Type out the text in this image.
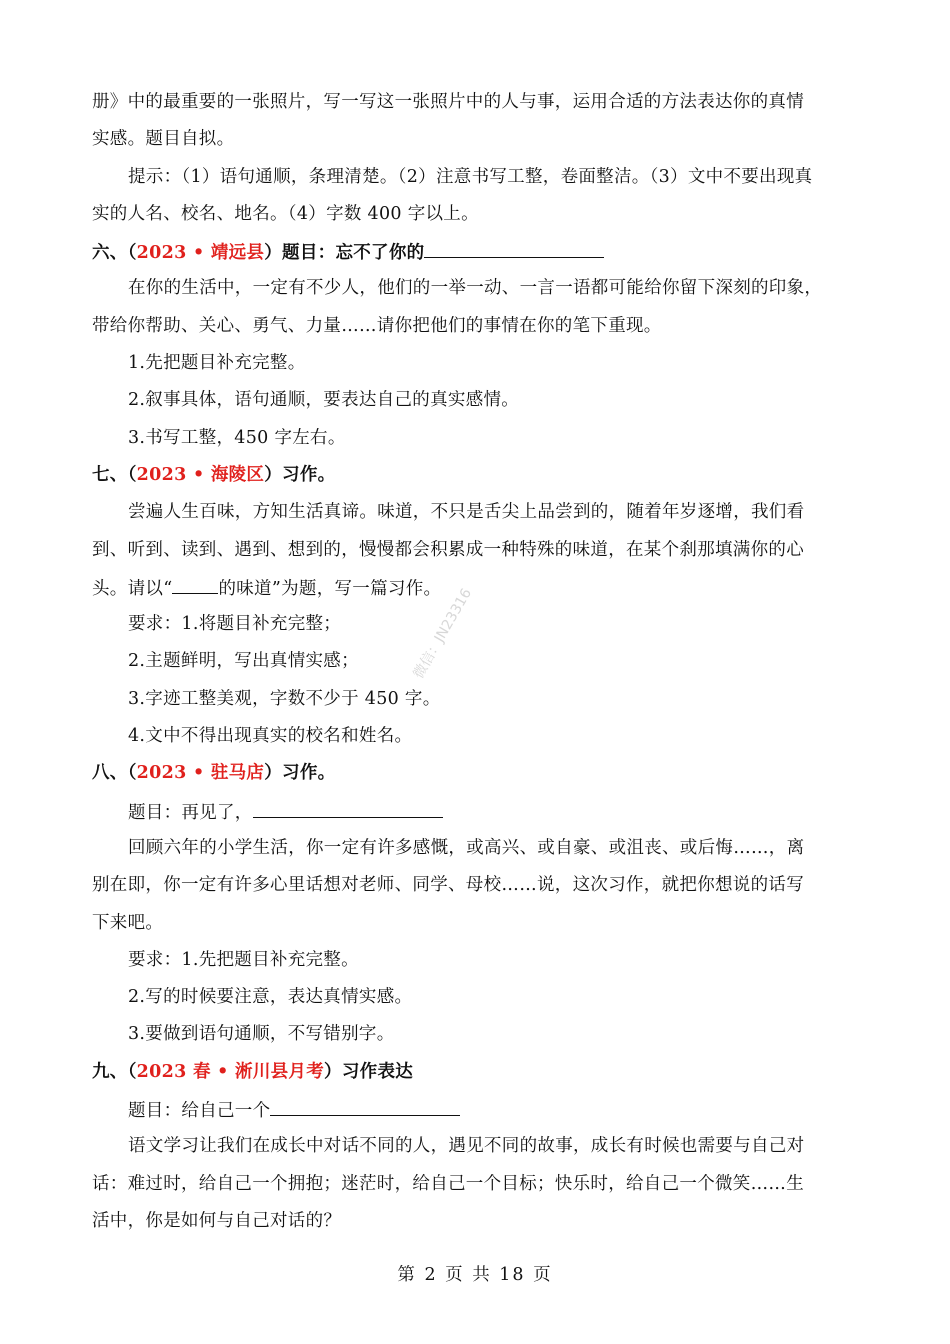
册》中的最重要的一张照片，写一写这一张照片中的人与事，运用合适的方法表达你的真情
实感。题目自拟。
提示：（1）语句通顺，条理清楚。（2）注意书写工整，卷面整洁。（3）文中不要出现真
实的人名、校名、地名。（4）字数 400 字以上。
六、（2023 • 靖远县）题目：忘不了你的
在你的生活中，一定有不少人，他们的一举一动、一言一语都可能给你留下深刻的印象，
带给你帮助、关心、勇气、力量……请你把他们的事情在你的笔下重现。
1.先把题目补充完整。
2.叙事具体，语句通顺，要表达自己的真实感情。
3.书写工整，450 字左右。
七、（2023 • 海陵区）习作。
尝遍人生百味，方知生活真谛。味道，不只是舌尖上品尝到的，随着年岁逐增，我们看
到、听到、读到、遇到、想到的，慢慢都会积累成一种特殊的味道，在某个刹那填满你的心
头。请以“	的味道”为题，写一篇习作。
要求：1.将题目补充完整；
2.主题鲜明，写出真情实感；
3.字迹工整美观，字数不少于 450 字。
4.文中不得出现真实的校名和姓名。
八、（2023 • 驻马店）习作。
题目：再见了，
回顾六年的小学生活，你一定有许多感慨，或高兴、或自豪、或沮丧、或后悔……，离
别在即，你一定有许多心里话想对老师、同学、母校……说，这次习作，就把你想说的话写
下来吧。
要求：1.先把题目补充完整。
2.写的时候要注意，表达真情实感。
3.要做到语句通顺，不写错别字。
九、（2023 春 • 淅川县月考）习作表达
题目：给自己一个
语文学习让我们在成长中对话不同的人，遇见不同的故事，成长有时候也需要与自己对
话：难过时，给自己一个拥抱；迷茫时，给自己一个目标；快乐时，给自己一个微笑……生
活中，你是如何与自己对话的？
微信：JN23316
第 2 页 共 18 页
